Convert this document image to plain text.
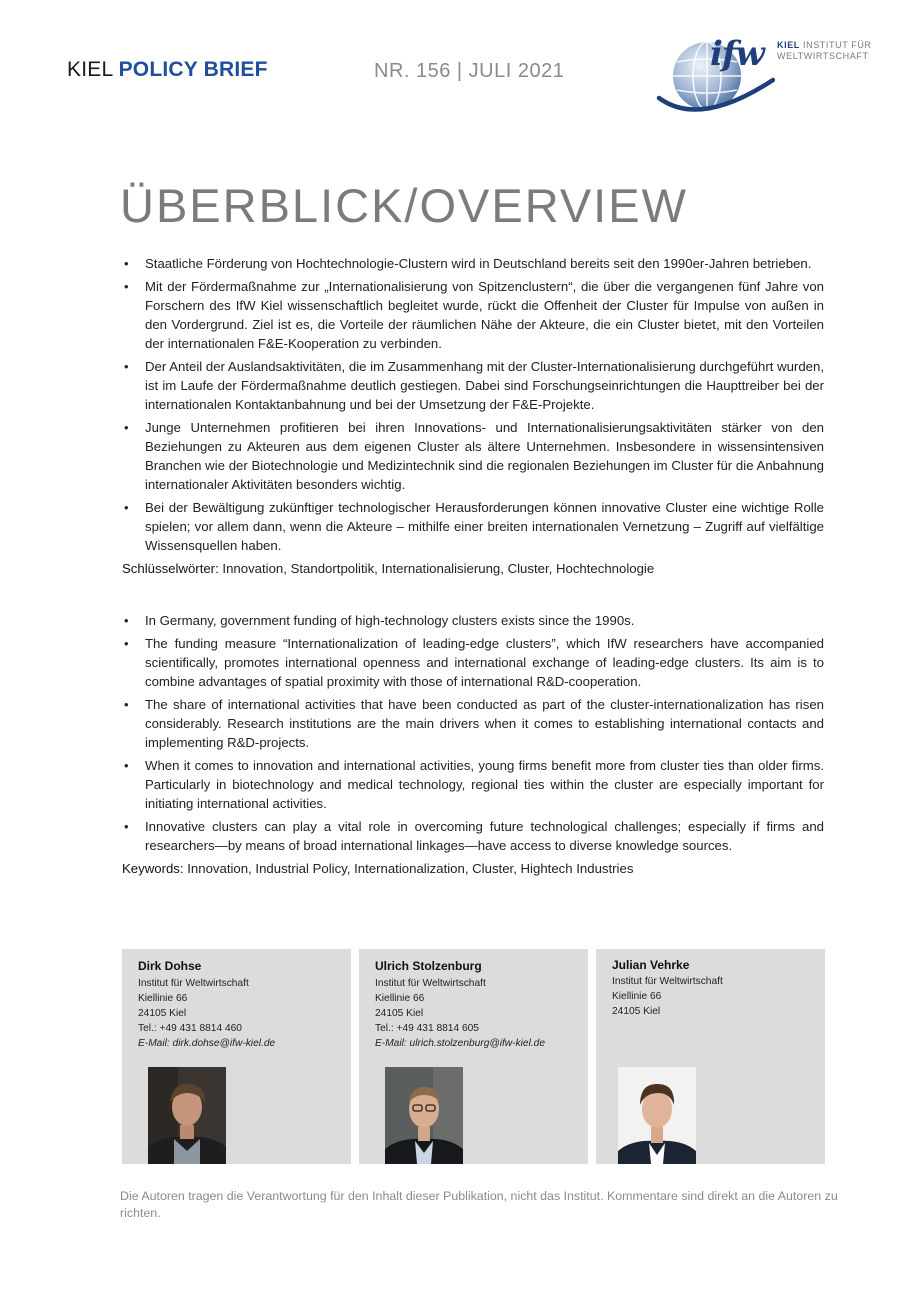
KIEL POLICY BRIEF	NR. 156 | JULI 2021	ifw KIEL INSTITUT FÜR
WELTWIRTSCHAFT
ÜBERBLICK/OVERVIEW
• Staatliche Förderung von Hochtechnologie-Clustern wird in Deutschland bereits seit den 1990er-Jahren betrieben.
• Mit der Fördermaßnahme zur „Internationalisierung von Spitzenclustern“, die über die vergangenen fünf Jahre von Forschern des IfW Kiel wissenschaftlich begleitet wurde, rückt die Offenheit der Cluster für Impulse von außen in den Vordergrund. Ziel ist es, die Vorteile der räumlichen Nähe der Akteure, die ein Cluster bietet, mit den Vorteilen der internationalen F&E-Kooperation zu verbinden.
• Der Anteil der Auslandsaktivitäten, die im Zusammenhang mit der Cluster-Internationalisierung durchgeführt wurden, ist im Laufe der Fördermaßnahme deutlich gestiegen. Dabei sind Forschungseinrichtungen die Haupttreiber bei der internationalen Kontaktanbahnung und bei der Umsetzung der F&E-Projekte.
• Junge Unternehmen profitieren bei ihren Innovations- und Internationalisierungsaktivitäten stärker von den Beziehungen zu Akteuren aus dem eigenen Cluster als ältere Unternehmen. Insbesondere in wissensintensiven Branchen wie der Biotechnologie und Medizintechnik sind die regionalen Beziehungen im Cluster für die Anbahnung internationaler Aktivitäten besonders wichtig.
• Bei der Bewältigung zukünftiger technologischer Herausforderungen können innovative Cluster eine wichtige Rolle spielen; vor allem dann, wenn die Akteure – mithilfe einer breiten internationalen Vernetzung – Zugriff auf vielfältige Wissensquellen haben.
Schlüsselwörter: Innovation, Standortpolitik, Internationalisierung, Cluster, Hochtechnologie
• In Germany, government funding of high-technology clusters exists since the 1990s.
• The funding measure “Internationalization of leading-edge clusters”, which IfW researchers have accompanied scientifically, promotes international openness and international exchange of leading-edge clusters. Its aim is to combine advantages of spatial proximity with those of international R&D-cooperation.
• The share of international activities that have been conducted as part of the cluster-internationalization has risen considerably. Research institutions are the main drivers when it comes to establishing international contacts and implementing R&D-projects.
• When it comes to innovation and international activities, young firms benefit more from cluster ties than older firms. Particularly in biotechnology and medical technology, regional ties within the cluster are especially important for initiating international activities.
• Innovative clusters can play a vital role in overcoming future technological challenges; especially if firms and researchers—by means of broad international linkages—have access to diverse knowledge sources.
Keywords: Innovation, Industrial Policy, Internationalization, Cluster, Hightech Industries
Dirk Dohse
Institut für Weltwirtschaft
Kiellinie 66
24105 Kiel
Tel.: +49 431 8814 460
E-Mail: dirk.dohse@ifw-kiel.de
Ulrich Stolzenburg
Institut für Weltwirtschaft
Kiellinie 66
24105 Kiel
Tel.: +49 431 8814 605
E-Mail: ulrich.stolzenburg@ifw-kiel.de
Julian Vehrke
Institut für Weltwirtschaft
Kiellinie 66
24105 Kiel
Die Autoren tragen die Verantwortung für den Inhalt dieser Publikation, nicht das Institut. Kommentare sind direkt an die Autoren zu richten.
